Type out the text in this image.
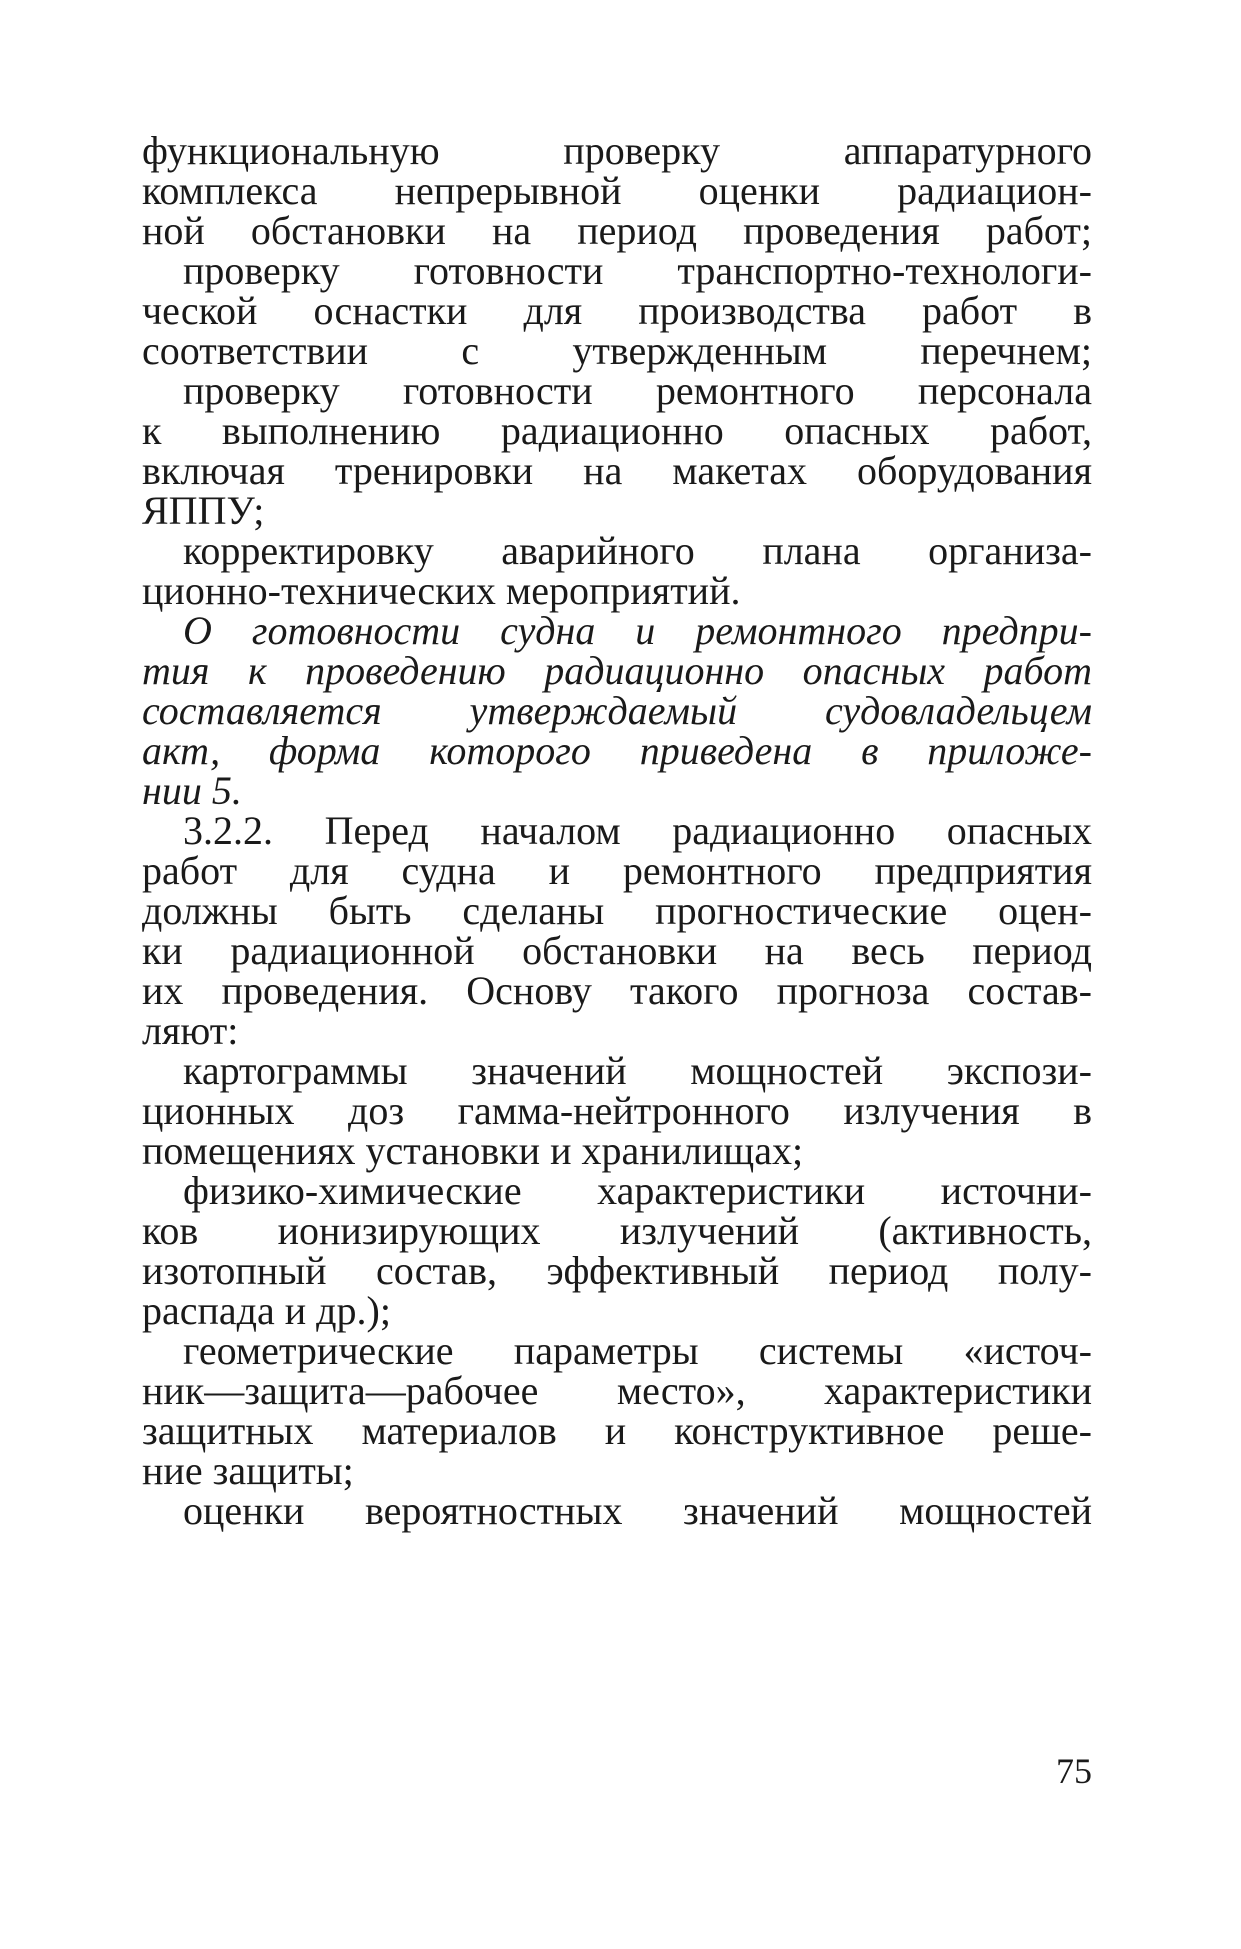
функциональную проверку аппаратурного
комплекса непрерывной оценки радиацион-
ной обстановки на период проведения работ;
проверку готовности транспортно-технологи-
ческой оснастки для производства работ в
соответствии с утвержденным перечнем;
проверку готовности ремонтного персонала
к выполнению радиационно опасных работ,
включая тренировки на макетах оборудования
ЯППУ;
корректировку аварийного плана организа-
ционно-технических мероприятий.
О готовности судна и ремонтного предпри-
тия к проведению радиационно опасных работ
составляется утверждаемый судовладельцем
акт, форма которого приведена в приложе-
нии 5.
3.2.2. Перед началом радиационно опасных
работ для судна и ремонтного предприятия
должны быть сделаны прогностические оцен-
ки радиационной обстановки на весь период
их проведения. Основу такого прогноза состав-
ляют:
картограммы значений мощностей экспози-
ционных доз гамма-нейтронного излучения в
помещениях установки и хранилищах;
физико-химические характеристики источни-
ков ионизирующих излучений (активность,
изотопный состав, эффективный период полу-
распада и др.);
геометрические параметры системы «источ-
ник—защита—рабочее место», характеристики
защитных материалов и конструктивное реше-
ние защиты;
оценки вероятностных значений мощностей
75
